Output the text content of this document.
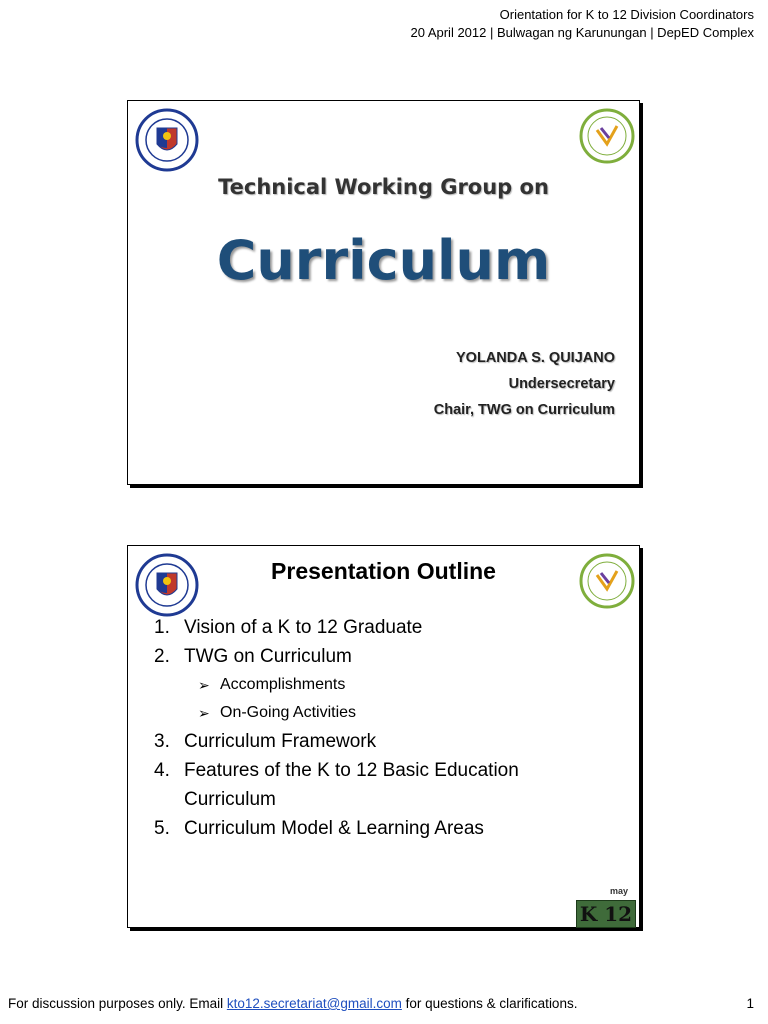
Orientation for K to 12 Division Coordinators
20 April 2012 | Bulwagan ng Karunungan | DepED Complex
Technical Working Group on
Curriculum
YOLANDA S. QUIJANO
Undersecretary
Chair, TWG on Curriculum
Presentation Outline
1. Vision of a K to 12 Graduate
2. TWG on Curriculum
➢ Accomplishments
➢ On-Going Activities
3. Curriculum Framework
4. Features of the K to 12 Basic Education Curriculum
5. Curriculum Model & Learning Areas
may
K 12
For discussion purposes only. Email kto12.secretariat@gmail.com for questions & clarifications.	1
